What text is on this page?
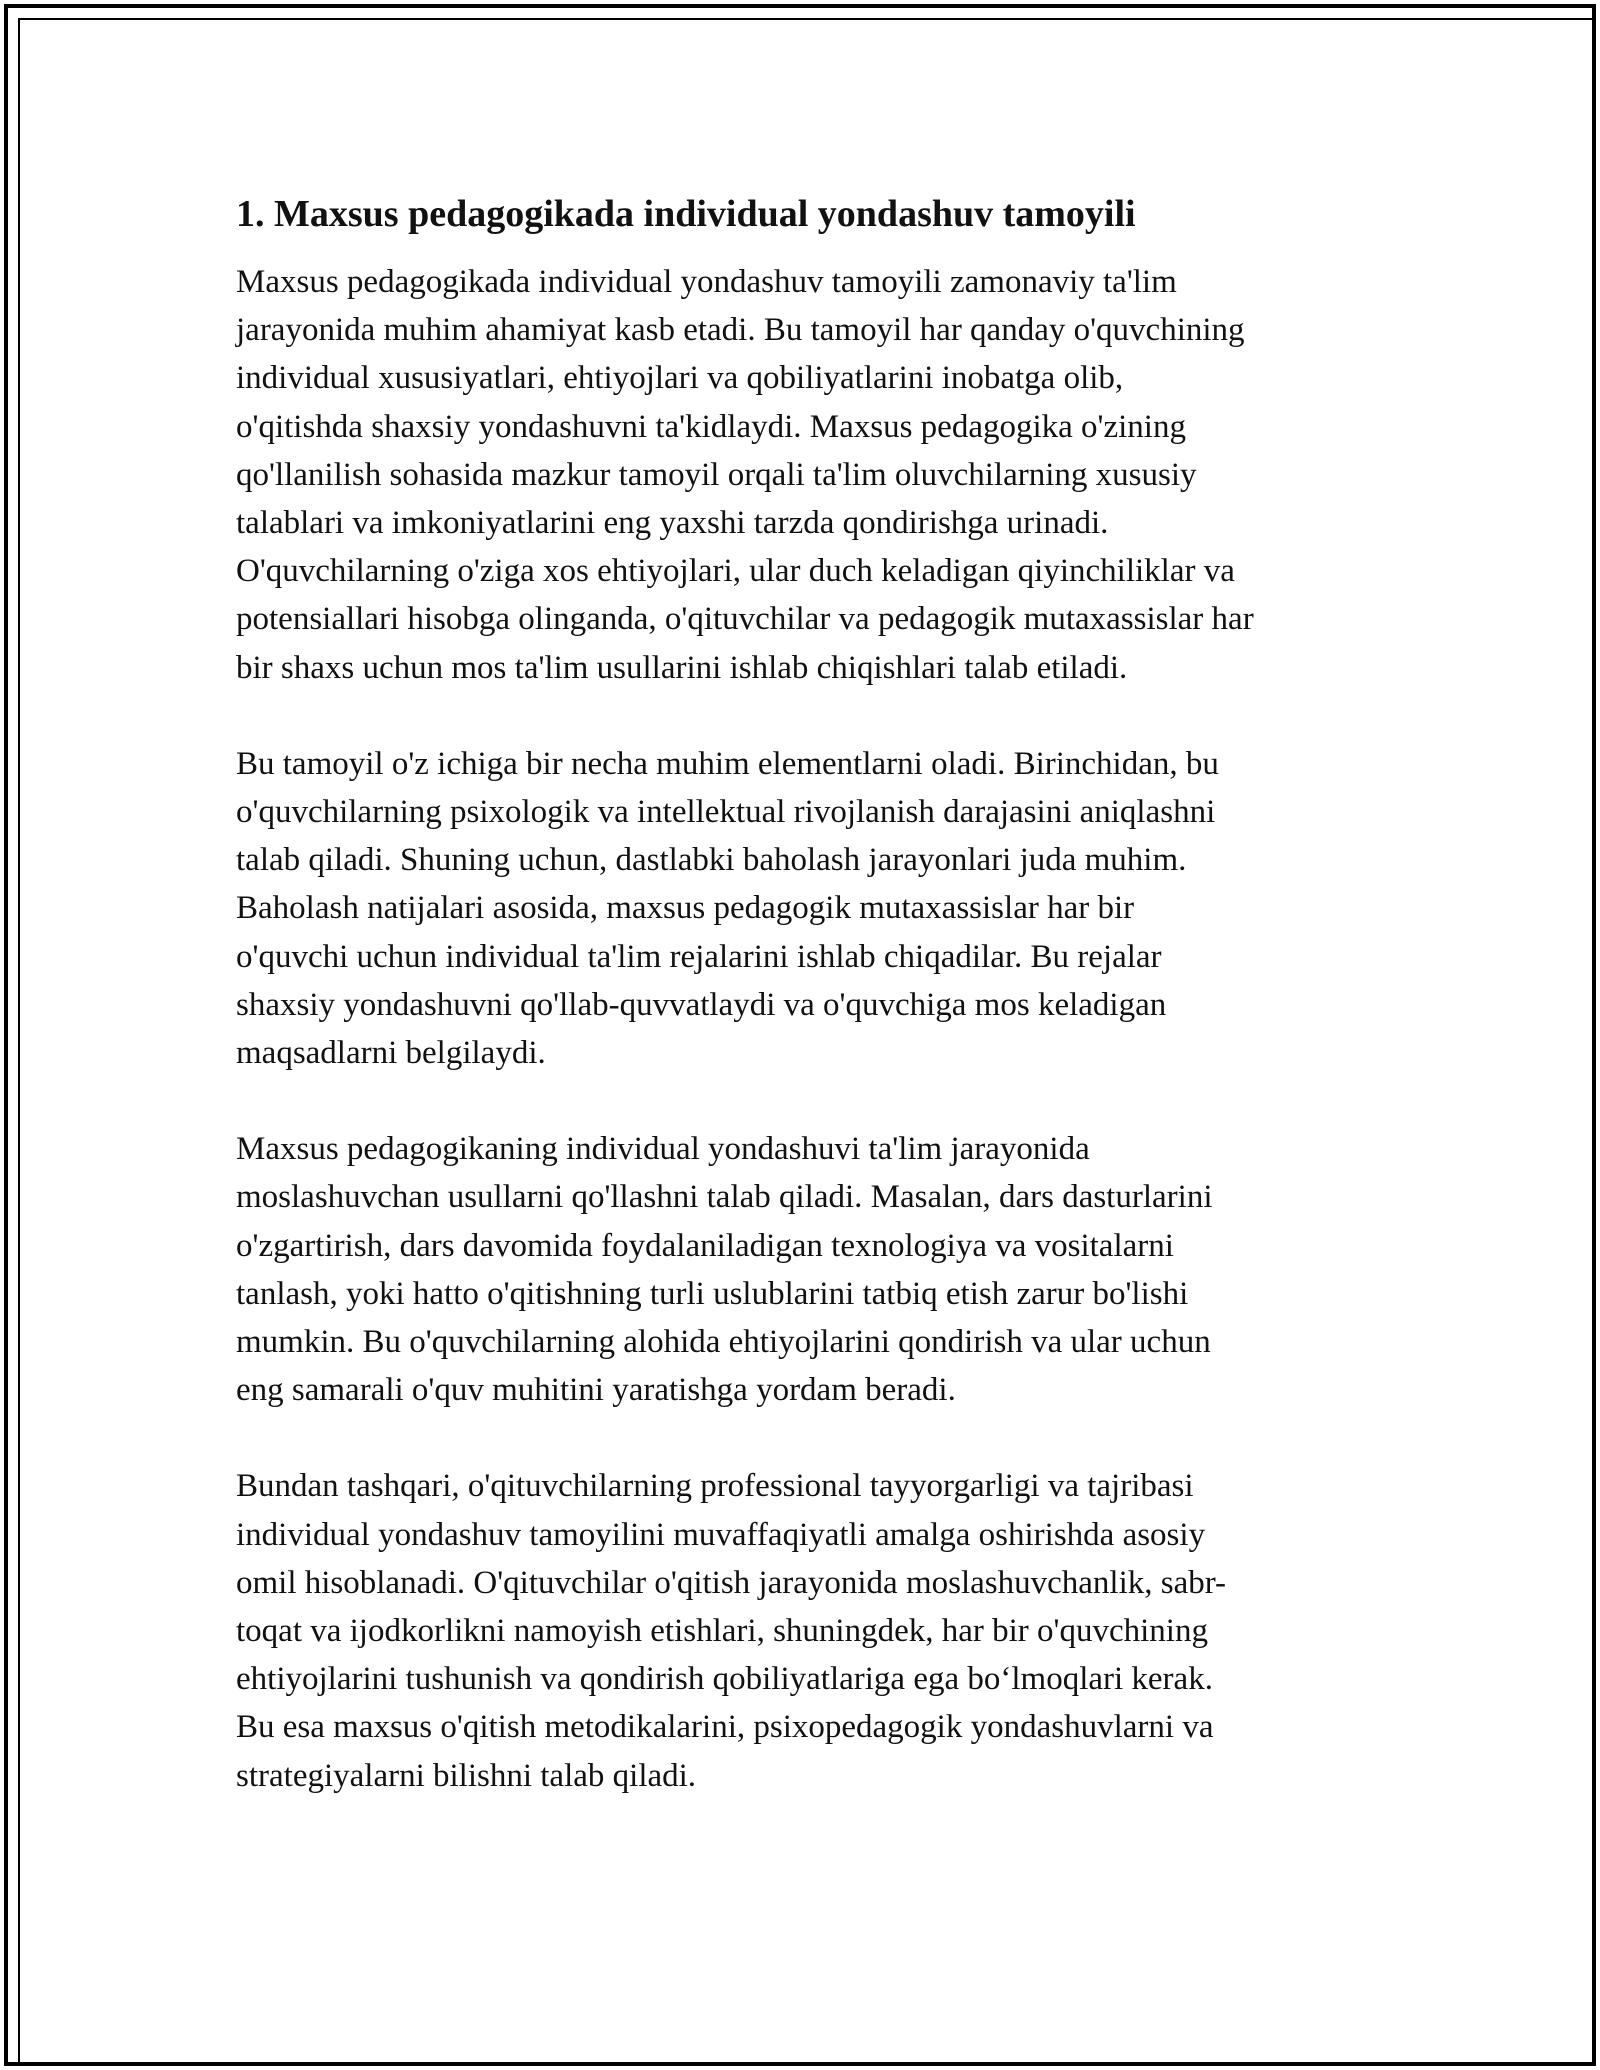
1. Maxsus pedagogikada individual yondashuv tamoyili

Maxsus pedagogikada individual yondashuv tamoyili zamonaviy ta'lim
jarayonida muhim ahamiyat kasb etadi. Bu tamoyil har qanday o'quvchining
individual xususiyatlari, ehtiyojlari va qobiliyatlarini inobatga olib,
o'qitishda shaxsiy yondashuvni ta'kidlaydi. Maxsus pedagogika o'zining
qo'llanilish sohasida mazkur tamoyil orqali ta'lim oluvchilarning xususiy
talablari va imkoniyatlarini eng yaxshi tarzda qondirishga urinadi.
O'quvchilarning o'ziga xos ehtiyojlari, ular duch keladigan qiyinchiliklar va
potensiallari hisobga olinganda, o'qituvchilar va pedagogik mutaxassislar har
bir shaxs uchun mos ta'lim usullarini ishlab chiqishlari talab etiladi.

Bu tamoyil o'z ichiga bir necha muhim elementlarni oladi. Birinchidan, bu
o'quvchilarning psixologik va intellektual rivojlanish darajasini aniqlashni
talab qiladi. Shuning uchun, dastlabki baholash jarayonlari juda muhim.
Baholash natijalari asosida, maxsus pedagogik mutaxassislar har bir
o'quvchi uchun individual ta'lim rejalarini ishlab chiqadilar. Bu rejalar
shaxsiy yondashuvni qo'llab-quvvatlaydi va o'quvchiga mos keladigan
maqsadlarni belgilaydi.

Maxsus pedagogikaning individual yondashuvi ta'lim jarayonida
moslashuvchan usullarni qo'llashni talab qiladi. Masalan, dars dasturlarini
o'zgartirish, dars davomida foydalaniladigan texnologiya va vositalarni
tanlash, yoki hatto o'qitishning turli uslublarini tatbiq etish zarur bo'lishi
mumkin. Bu o'quvchilarning alohida ehtiyojlarini qondirish va ular uchun
eng samarali o'quv muhitini yaratishga yordam beradi.

Bundan tashqari, o'qituvchilarning professional tayyorgarligi va tajribasi
individual yondashuv tamoyilini muvaffaqiyatli amalga oshirishda asosiy
omil hisoblanadi. O'qituvchilar o'qitish jarayonida moslashuvchanlik, sabr-
toqat va ijodkorlikni namoyish etishlari, shuningdek, har bir o'quvchining
ehtiyojlarini tushunish va qondirish qobiliyatlariga ega bo‘lmoqlari kerak.
Bu esa maxsus o'qitish metodikalarini, psixopedagogik yondashuvlarni va
strategiyalarni bilishni talab qiladi.
